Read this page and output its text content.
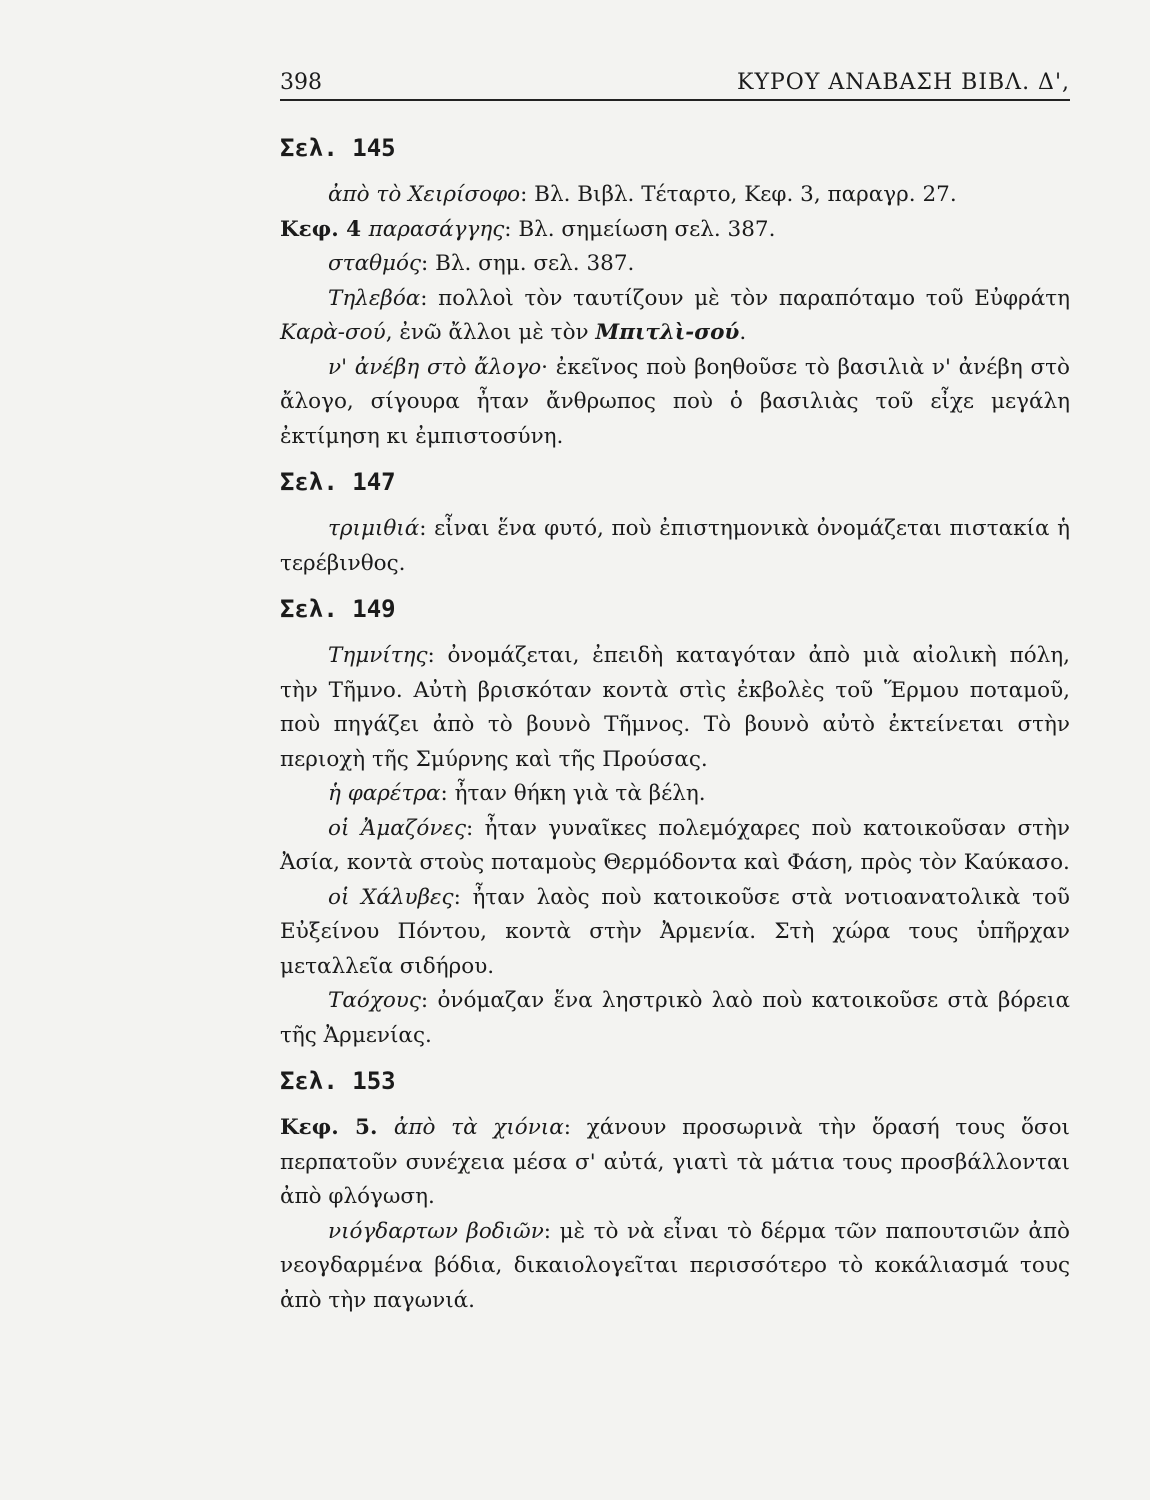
398	ΚΥΡΟΥ ΑΝΑΒΑΣΗ ΒΙΒΛ. Δ',
Σελ. 145

ἀπὸ τὸ Χειρίσοφο: Βλ. Βιβλ. Τέταρτο, Κεφ. 3, παραγρ. 27.

Κεφ. 4 παρασάγγης: Βλ. σημείωση σελ. 387.

σταθμός: Βλ. σημ. σελ. 387.

Τηλεβόα: πολλοὶ τὸν ταυτίζουν μὲ τὸν παραπόταμο τοῦ Εὐφράτη Καρὰ-σού, ἐνῶ ἄλλοι μὲ τὸν Μπιτλὶ-σού.

ν' ἀνέβη στὸ ἄλογο· ἐκεῖνος ποὺ βοηθοῦσε τὸ βασιλιὰ ν' ἀνέβη στὸ ἄλογο, σίγουρα ἦταν ἄνθρωπος ποὺ ὁ βασιλιὰς τοῦ εἶχε μεγάλη ἐκτίμηση κι ἐμπιστοσύνη.

Σελ. 147

τριμιθιά: εἶναι ἕνα φυτό, ποὺ ἐπιστημονικὰ ὀνομάζεται πιστακία ἡ τερέβινθος.

Σελ. 149

Τημνίτης: ὀνομάζεται, ἐπειδὴ καταγόταν ἀπὸ μιὰ αἰολικὴ πόλη, τὴν Τῆμνο. Αὐτὴ βρισκόταν κοντὰ στὶς ἐκβολὲς τοῦ Ἕρμου ποταμοῦ, ποὺ πηγάζει ἀπὸ τὸ βουνὸ Τῆμνος. Τὸ βουνὸ αὐτὸ ἐκτείνεται στὴν περιοχὴ τῆς Σμύρνης καὶ τῆς Προύσας.

ἡ φαρέτρα: ἦταν θήκη γιὰ τὰ βέλη.

οἱ Ἀμαζόνες: ἦταν γυναῖκες πολεμόχαρες ποὺ κατοικοῦσαν στὴν Ἀσία, κοντὰ στοὺς ποταμοὺς Θερμόδοντα καὶ Φάση, πρὸς τὸν Καύκασο.

οἱ Χάλυβες: ἦταν λαὸς ποὺ κατοικοῦσε στὰ νοτιοανατολικὰ τοῦ Εὐξείνου Πόντου, κοντὰ στὴν Ἀρμενία. Στὴ χώρα τους ὑπῆρχαν μεταλλεῖα σιδήρου.

Ταόχους: ὀνόμαζαν ἕνα ληστρικὸ λαὸ ποὺ κατοικοῦσε στὰ βόρεια τῆς Ἀρμενίας.

Σελ. 153

Κεφ. 5. ἀπὸ τὰ χιόνια: χάνουν προσωρινὰ τὴν ὅρασή τους ὅσοι περπατοῦν συνέχεια μέσα σ' αὐτά, γιατὶ τὰ μάτια τους προσβάλλονται ἀπὸ φλόγωση.

νιόγδαρτων βοδιῶν: μὲ τὸ νὰ εἶναι τὸ δέρμα τῶν παπουτσιῶν ἀπὸ νεογδαρμένα βόδια, δικαιολογεῖται περισσότερο τὸ κοκάλιασμά τους ἀπὸ τὴν παγωνιά.
